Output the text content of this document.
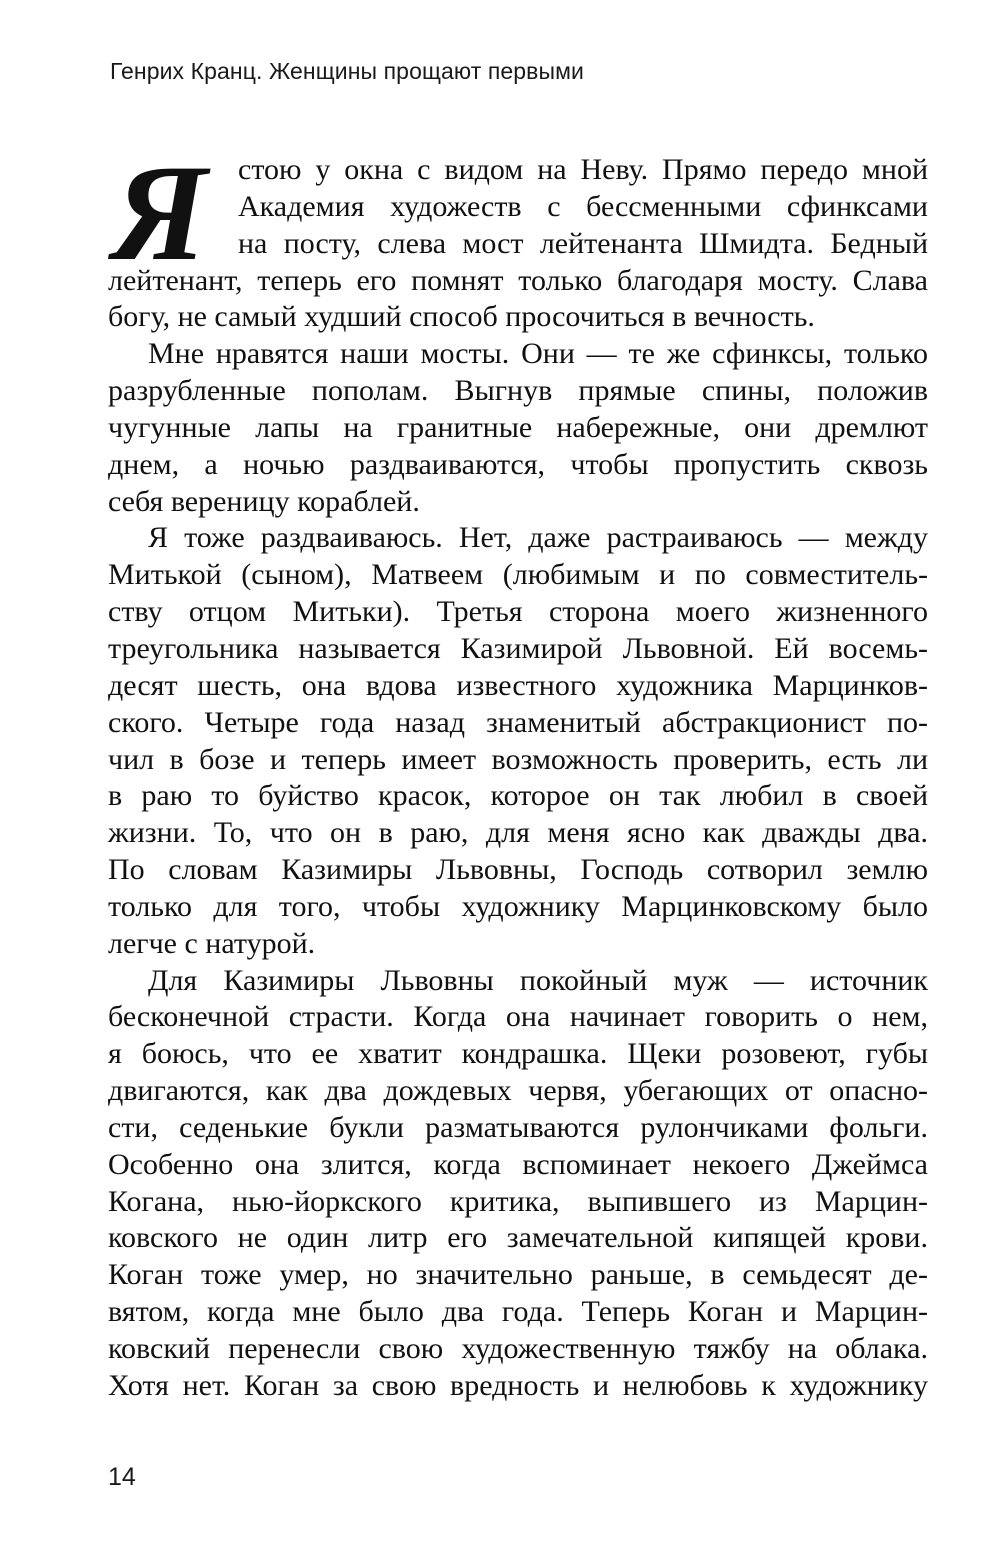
Генрих Кранц. Женщины прощают первыми
Я	стою у окна с видом на Неву. Прямо передо мной
Академия художеств с бессменными сфинксами
на посту, слева мост лейтенанта Шмидта. Бедный
лейтенант, теперь его помнят только благодаря мосту. Слава
богу, не самый худший способ просочиться в вечность.
Мне нравятся наши мосты. Они — те же сфинксы, только
разрубленные пополам. Выгнув прямые спины, положив
чугунные лапы на гранитные набережные, они дремлют
днем, а ночью раздваиваются, чтобы пропустить сквозь
себя вереницу кораблей.
Я тоже раздваиваюсь. Нет, даже растраиваюсь — между
Митькой (сыном), Матвеем (любимым и по совместитель-
ству отцом Митьки). Третья сторона моего жизненного
треугольника называется Казимирой Львовной. Ей восемь-
десят шесть, она вдова известного художника Марцинков-
ского. Четыре года назад знаменитый абстракционист по-
чил в бозе и теперь имеет возможность проверить, есть ли
в раю то буйство красок, которое он так любил в своей
жизни. То, что он в раю, для меня ясно как дважды два.
По словам Казимиры Львовны, Господь сотворил землю
только для того, чтобы художнику Марцинковскому было
легче с натурой.
Для Казимиры Львовны покойный муж — источник
бесконечной страсти. Когда она начинает говорить о нем,
я боюсь, что ее хватит кондрашка. Щеки розовеют, губы
двигаются, как два дождевых червя, убегающих от опасно-
сти, седенькие букли разматываются рулончиками фольги.
Особенно она злится, когда вспоминает некоего Джеймса
Когана, нью-йоркского критика, выпившего из Марцин-
ковского не один литр его замечательной кипящей крови.
Коган тоже умер, но значительно раньше, в семьдесят де-
вятом, когда мне было два года. Теперь Коган и Марцин-
ковский перенесли свою художественную тяжбу на облака.
Хотя нет. Коган за свою вредность и нелюбовь к художнику
14
